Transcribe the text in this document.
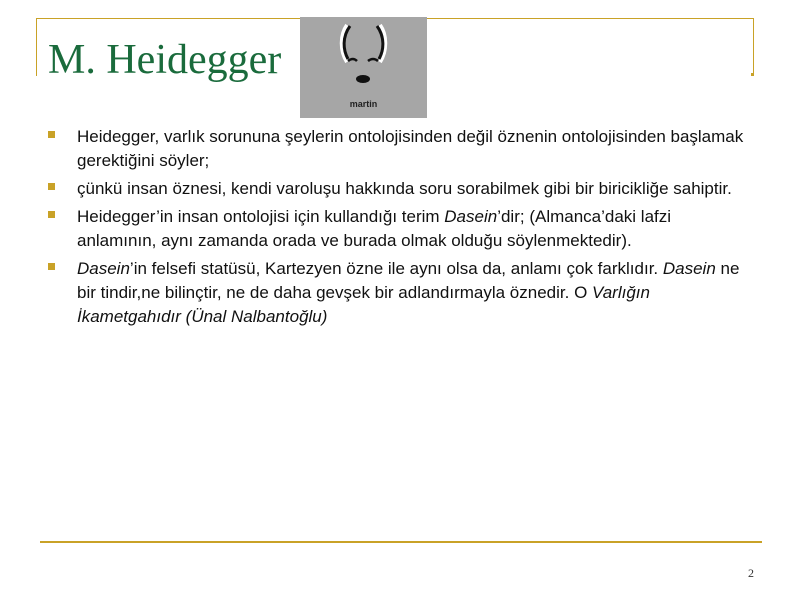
M. Heidegger
martin
Heidegger, varlık sorununa şeylerin ontolojisinden değil öznenin ontolojisinden başlamak gerektiğini söyler;
çünkü insan öznesi, kendi varoluşu hakkında soru sorabilmek gibi bir biricikliğe sahiptir.
Heidegger’in insan ontolojisi için kullandığı terim Dasein’dir; (Almanca’daki lafzi anlamının, aynı zamanda orada ve burada olmak olduğu söylenmektedir).
Dasein’in felsefi statüsü, Kartezyen özne ile aynı olsa da, anlamı çok farklıdır. Dasein ne bir tindir,ne bilinçtir, ne de daha gevşek bir adlandırmayla öznedir. O Varlığın İkametgahıdır (Ünal Nalbantoğlu)
2
